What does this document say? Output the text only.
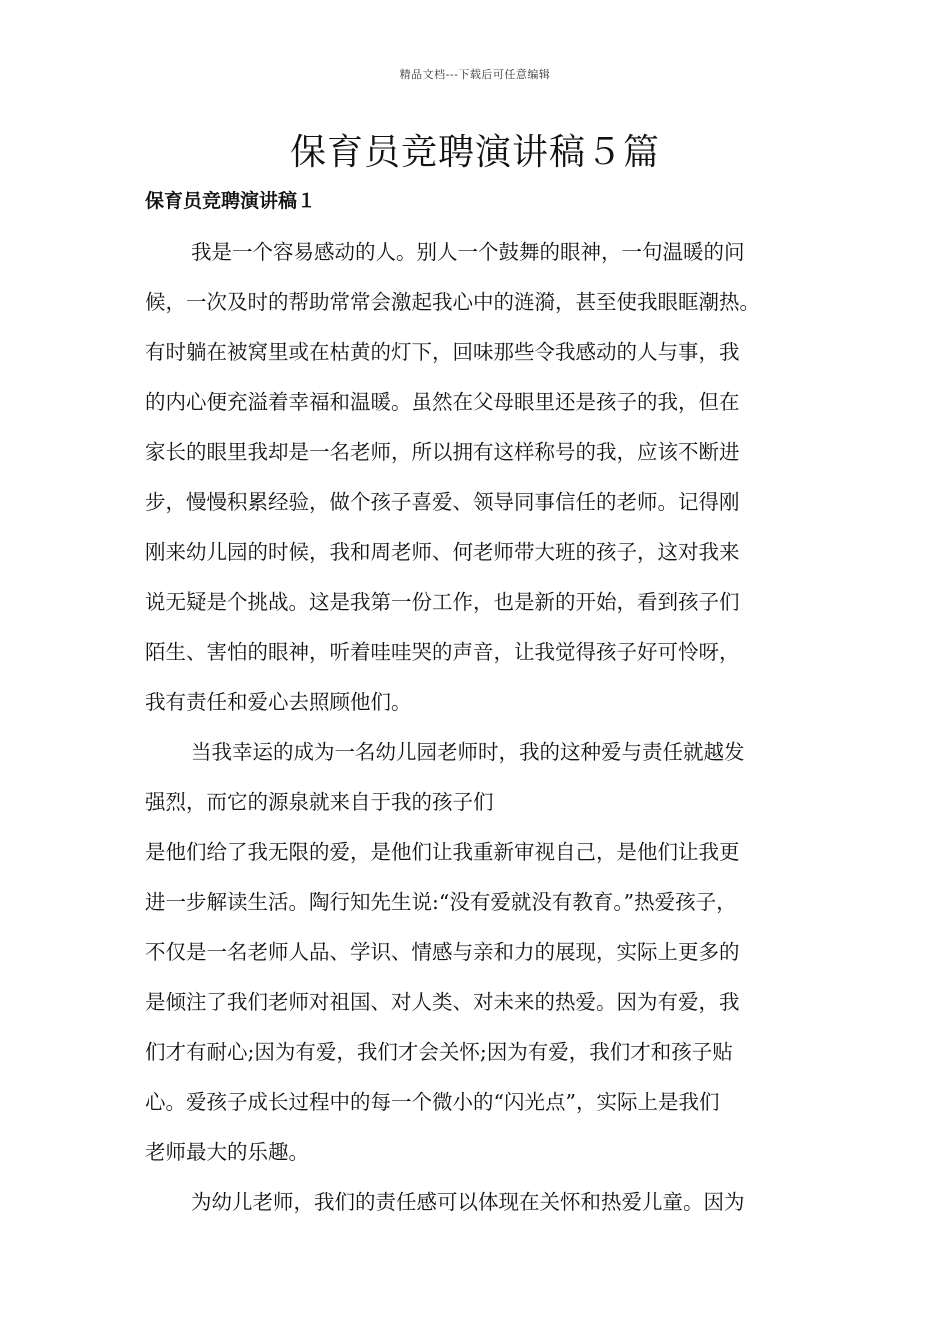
精品文档---下载后可任意编辑
保育员竞聘演讲稿５篇
保育员竞聘演讲稿１
我是一个容易感动的人。别人一个鼓舞的眼神，一句温暖的问
候，一次及时的帮助常常会激起我心中的涟漪，甚至使我眼眶潮热。
有时躺在被窝里或在枯黄的灯下，回味那些令我感动的人与事，我
的内心便充溢着幸福和温暖。虽然在父母眼里还是孩子的我，但在
家长的眼里我却是一名老师，所以拥有这样称号的我，应该不断进
步，慢慢积累经验，做个孩子喜爱、领导同事信任的老师。记得刚
刚来幼儿园的时候，我和周老师、何老师带大班的孩子，这对我来
说无疑是个挑战。这是我第一份工作，也是新的开始，看到孩子们
陌生、害怕的眼神，听着哇哇哭的声音，让我觉得孩子好可怜呀，
我有责任和爱心去照顾他们。
当我幸运的成为一名幼儿园老师时，我的这种爱与责任就越发
强烈，而它的源泉就来自于我的孩子们
是他们给了我无限的爱，是他们让我重新审视自己，是他们让我更
进一步解读生活。陶行知先生说:“没有爱就没有教育。”热爱孩子，
不仅是一名老师人品、学识、情感与亲和力的展现，实际上更多的
是倾注了我们老师对祖国、对人类、对未来的热爱。因为有爱，我
们才有耐心;因为有爱，我们才会关怀;因为有爱，我们才和孩子贴
心。爱孩子成长过程中的每一个微小的“闪光点”，实际上是我们
老师最大的乐趣。
为幼儿老师，我们的责任感可以体现在关怀和热爱儿童。因为
